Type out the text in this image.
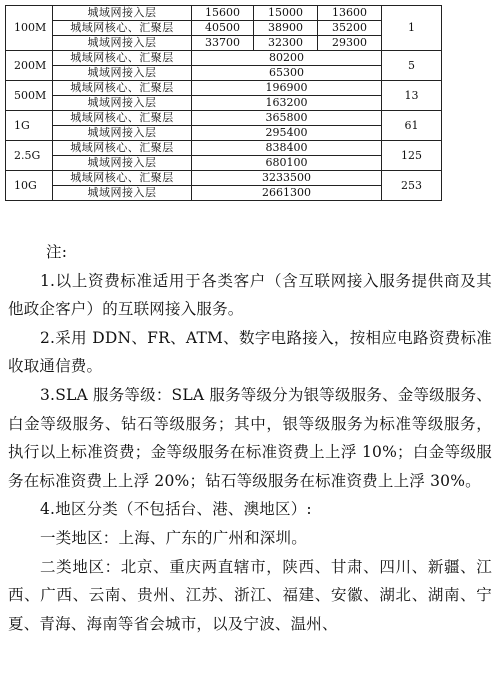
100M	城域网接入层	15600	15000	13600	1
	城域网核心、汇聚层	40500	38900	35200	
	城域网接入层	33700	32300	29300	
200M	城域网核心、汇聚层	80200			5
	城域网接入层	65300			
500M	城域网核心、汇聚层	196900			13
	城域网接入层	163200			
1G	城域网核心、汇聚层	365800			61
	城域网接入层	295400			
2.5G	城域网核心、汇聚层	838400			125
	城域网接入层	680100			
10G	城域网核心、汇聚层	3233500			253
	城域网接入层	2661300			

注:

1.以上资费标准适用于各类客户（含互联网接入服务提供商及其他政企客户）的互联网接入服务。

2.采用 DDN、FR、ATM、数字电路接入，按相应电路资费标准收取通信费。

3.SLA 服务等级：SLA 服务等级分为银等级服务、金等级服务、白金等级服务、钻石等级服务；其中，银等级服务为标准等级服务，执行以上标准资费；金等级服务在标准资费上上浮 10%；白金等级服务在标准资费上上浮 20%；钻石等级服务在标准资费上上浮 30%。

4.地区分类（不包括台、港、澳地区）:

一类地区：上海、广东的广州和深圳。

二类地区：北京、重庆两直辖市，陕西、甘肃、四川、新疆、江西、广西、云南、贵州、江苏、浙江、福建、安徽、湖北、湖南、宁夏、青海、海南等省会城市，以及宁波、温州、
